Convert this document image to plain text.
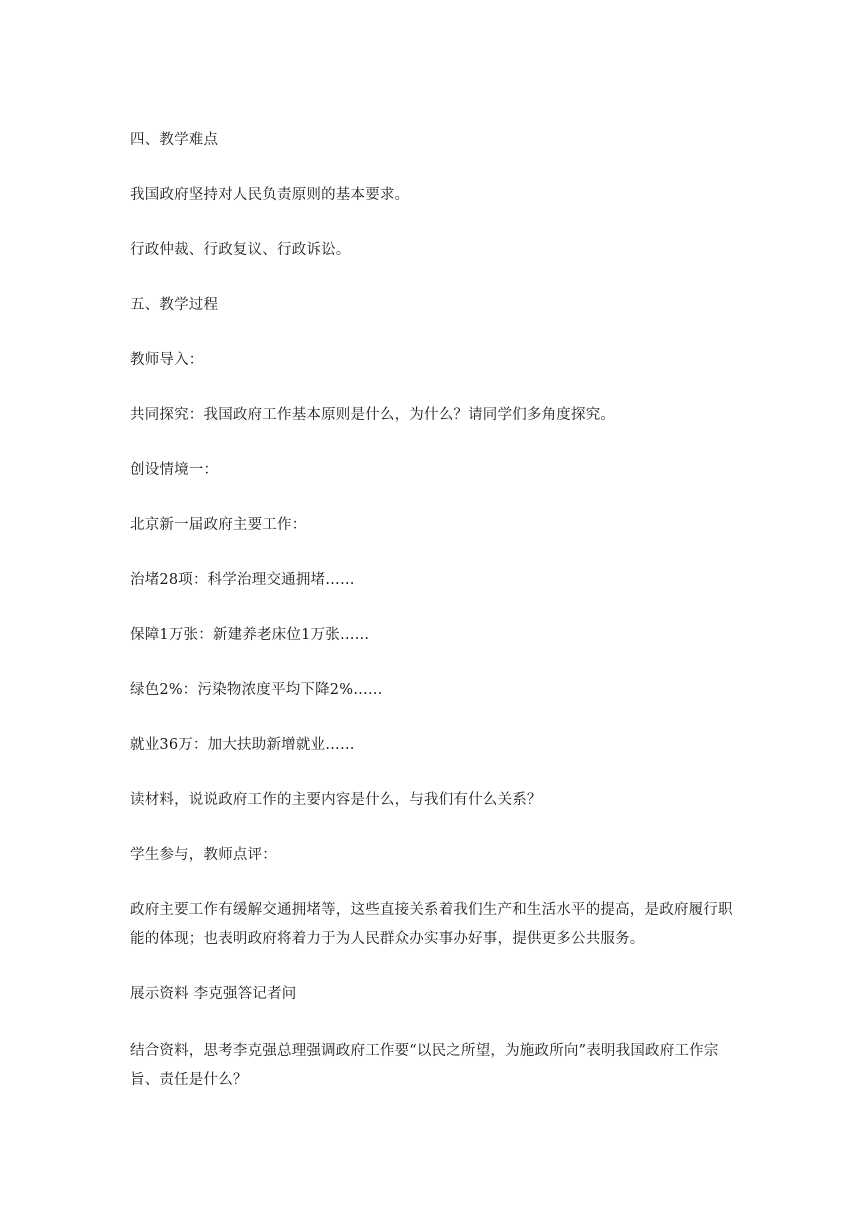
四、教学难点

我国政府坚持对人民负责原则的基本要求。

行政仲裁、行政复议、行政诉讼。

五、教学过程

教师导入：

共同探究：我国政府工作基本原则是什么，为什么？请同学们多角度探究。

创设情境一：

北京新一届政府主要工作：

治堵28项：科学治理交通拥堵……

保障1万张：新建养老床位1万张……

绿色2%：污染物浓度平均下降2%……

就业36万：加大扶助新增就业……

读材料，说说政府工作的主要内容是什么，与我们有什么关系？

学生参与，教师点评：

政府主要工作有缓解交通拥堵等，这些直接关系着我们生产和生活水平的提高，是政府履行职能的体现；也表明政府将着力于为人民群众办实事办好事，提供更多公共服务。

展示资料 李克强答记者问

结合资料，思考李克强总理强调政府工作要“以民之所望，为施政所向”表明我国政府工作宗旨、责任是什么？
